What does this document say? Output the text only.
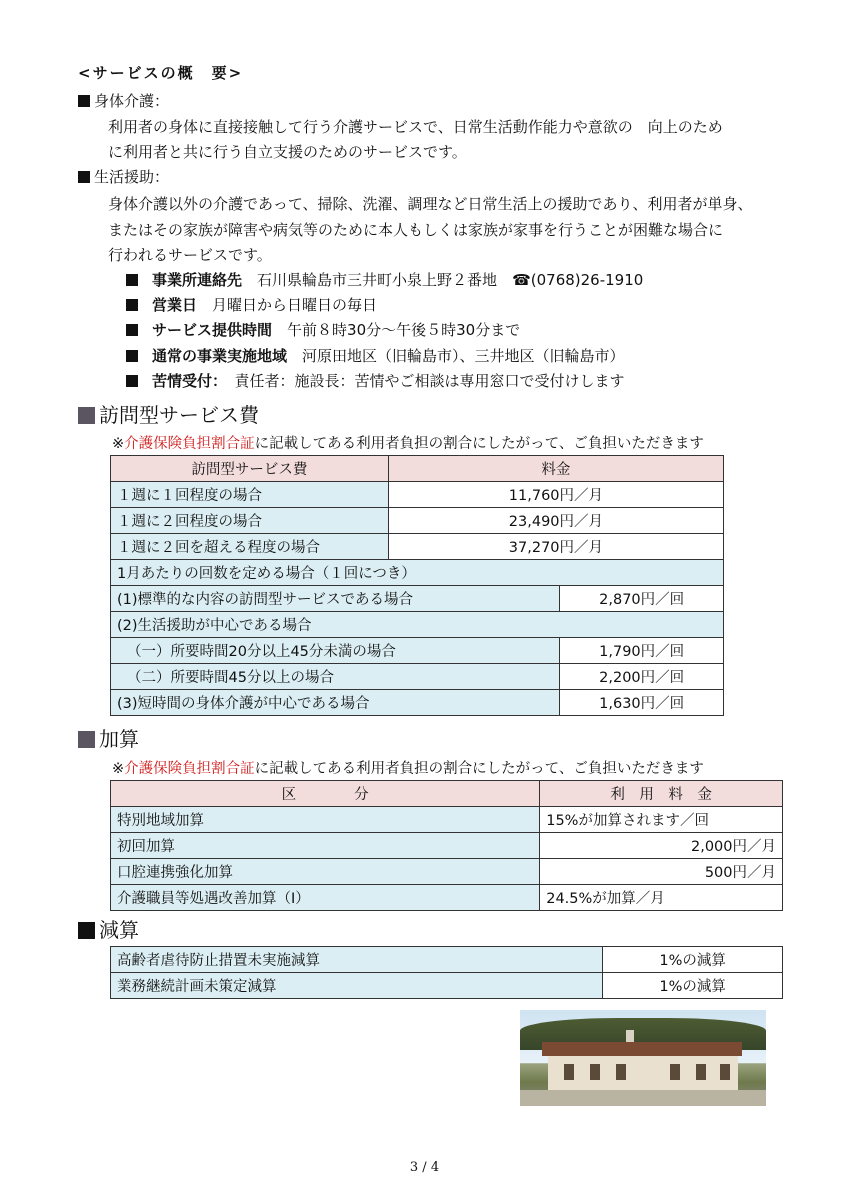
<サービスの概　要>
身体介護：
利用者の身体に直接接触して行う介護サービスで、日常生活動作能力や意欲の　向上のため
に利用者と共に行う自立支援のためのサービスです。
生活援助：
身体介護以外の介護であって、掃除、洗濯、調理など日常生活上の援助であり、利用者が単身、
またはその家族が障害や病気等のために本人もしくは家族が家事を行うことが困難な場合に
行われるサービスです。
事業所連絡先　 石川県輪島市三井町小泉上野２番地　 ☎(0768)26-1910
営業日　 月曜日から日曜日の毎日
サービス提供時間　 午前８時30分～午後５時30分まで
通常の事業実施地域　 河原田地区（旧輪島市）、三井地区（旧輪島市）
苦情受付：　 責任者：施設長：苦情やご相談は専用窓口で受付けします
訪問型サービス費
※介護保険負担割合証に記載してある利用者負担の割合にしたがって、ご負担いただきます
訪問型サービス費	料金	
１週に１回程度の場合	11,760円／月	
１週に２回程度の場合	23,490円／月	
１週に２回を超える程度の場合	37,270円／月	
1月あたりの回数を定める場合（１回につき）		
(1)標準的な内容の訪問型サービスである場合		2,870円／回
(2)生活援助が中心である場合		
（一）所要時間20分以上45分未満の場合		1,790円／回
（二）所要時間45分以上の場合		2,200円／回
(3)短時間の身体介護が中心である場合		1,630円／回
加算
※介護保険負担割合証に記載してある利用者負担の割合にしたがって、ご負担いただきます
区　　　　分	利　用　料　金
特別地域加算	15%が加算されます／回
初回加算	2,000円／月
口腔連携強化加算	500円／月
介護職員等処遇改善加算（Ⅰ）	24.5%が加算／月
減算
高齢者虐待防止措置未実施減算	1%の減算
業務継続計画未策定減算	1%の減算
3 / 4
